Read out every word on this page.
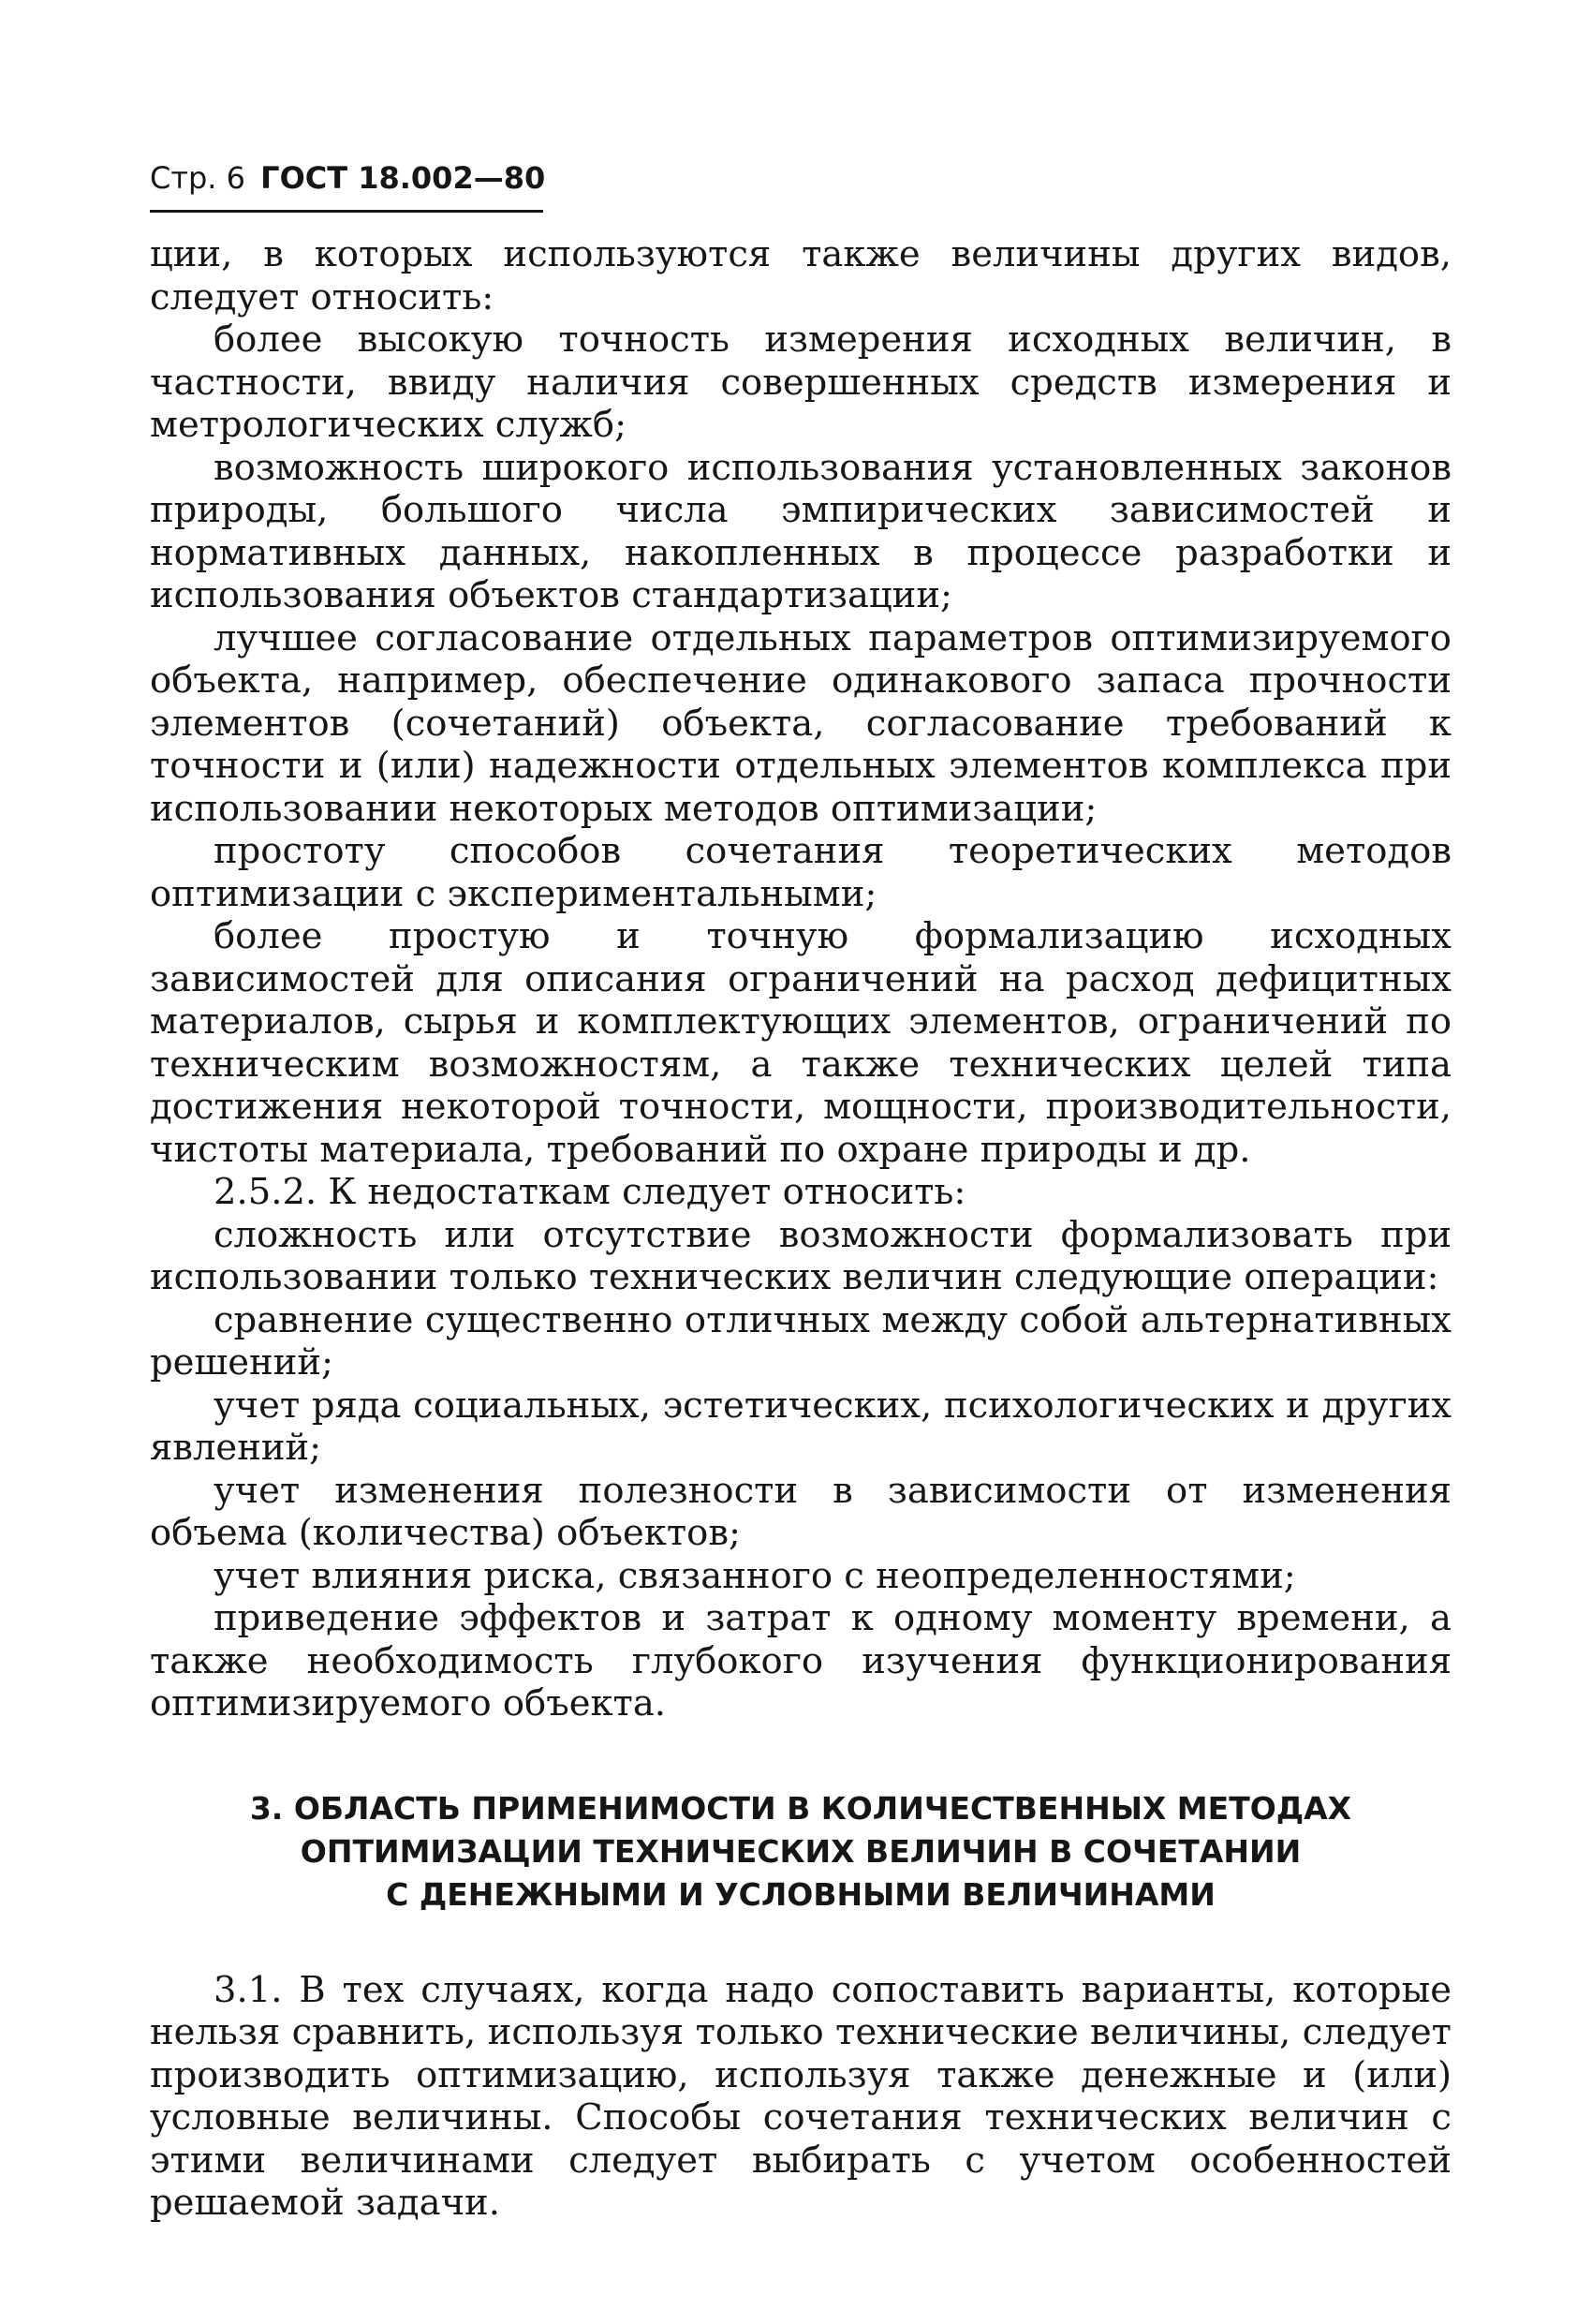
Стр. 6 ГОСТ 18.002—80

ции, в которых используются также величины других видов, следует относить:

более высокую точность измерения исходных величин, в частности, ввиду наличия совершенных средств измерения и метрологических служб;

возможность широкого использования установленных законов природы, большого числа эмпирических зависимостей и нормативных данных, накопленных в процессе разработки и использования объектов стандартизации;

лучшее согласование отдельных параметров оптимизируемого объекта, например, обеспечение одинакового запаса прочности элементов (сочетаний) объекта, согласование требований к точности и (или) надежности отдельных элементов комплекса при использовании некоторых методов оптимизации;

простоту способов сочетания теоретических методов оптимизации с экспериментальными;

более простую и точную формализацию исходных зависимостей для описания ограничений на расход дефицитных материалов, сырья и комплектующих элементов, ограничений по техническим возможностям, а также технических целей типа достижения некоторой точности, мощности, производительности, чистоты материала, требований по охране природы и др.

2.5.2. К недостаткам следует относить:

сложность или отсутствие возможности формализовать при использовании только технических величин следующие операции:

сравнение существенно отличных между собой альтернативных решений;

учет ряда социальных, эстетических, психологических и других явлений;

учет изменения полезности в зависимости от изменения объема (количества) объектов;

учет влияния риска, связанного с неопределенностями;

приведение эффектов и затрат к одному моменту времени, а также необходимость глубокого изучения функционирования оптимизируемого объекта.

3. ОБЛАСТЬ ПРИМЕНИМОСТИ В КОЛИЧЕСТВЕННЫХ МЕТОДАХ
ОПТИМИЗАЦИИ ТЕХНИЧЕСКИХ ВЕЛИЧИН В СОЧЕТАНИИ
С ДЕНЕЖНЫМИ И УСЛОВНЫМИ ВЕЛИЧИНАМИ

3.1. В тех случаях, когда надо сопоставить варианты, которые нельзя сравнить, используя только технические величины, следует производить оптимизацию, используя также денежные и (или) условные величины. Способы сочетания технических величин с этими величинами следует выбирать с учетом особенностей решаемой задачи.
